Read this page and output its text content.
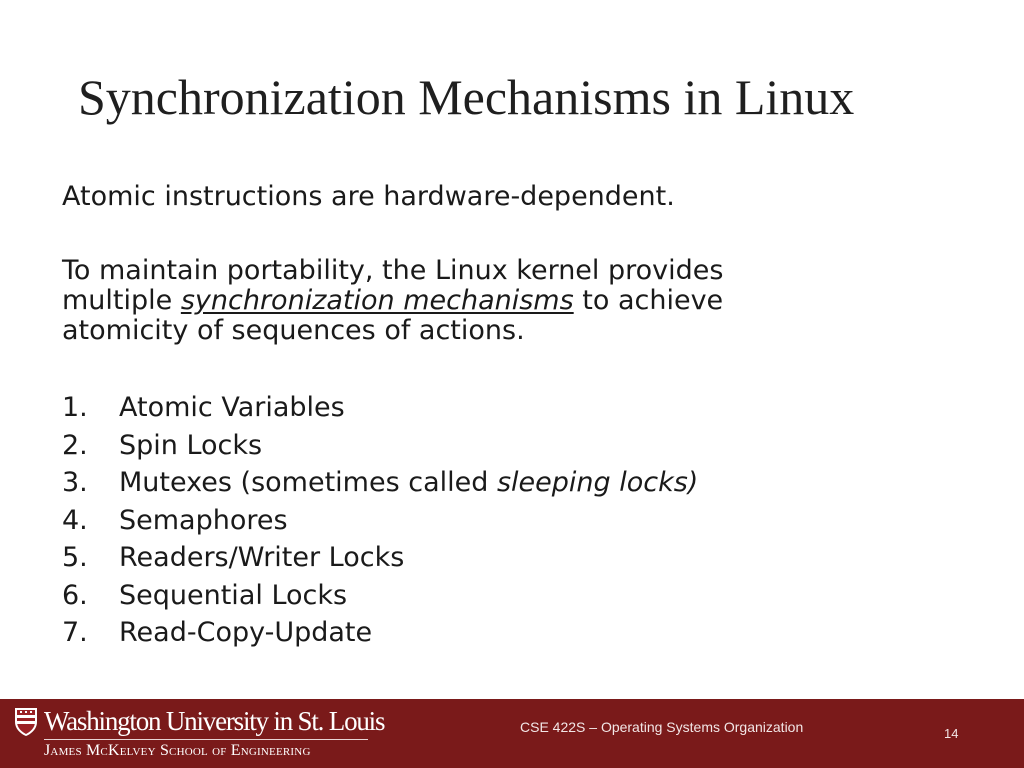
Synchronization Mechanisms in Linux

Atomic instructions are hardware-dependent.

To maintain portability, the Linux kernel provides
multiple synchronization mechanisms to achieve
atomicity of sequences of actions.

1. Atomic Variables
2. Spin Locks
3. Mutexes (sometimes called sleeping locks)
4. Semaphores
5. Readers/Writer Locks
6. Sequential Locks
7. Read-Copy-Update
Washington University in St. Louis
James McKelvey School of Engineering
CSE 422S – Operating Systems Organization	14
